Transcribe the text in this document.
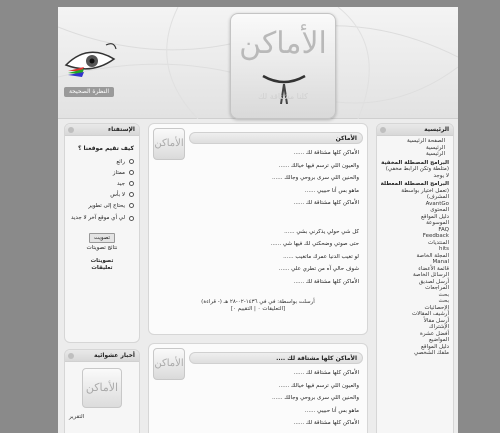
النظرة الصحيحة
الأماكن
كلنا مشتاقة لك
الإستفتاء
كيف تقيم موقعنا ؟
رائع
ممتاز
جيد
لا بأس
يحتاج إلى تطوير
لي أي موقع آخر لا جديد
تصويت
نتائج تصويتات
تصويتات
تعليقات
أخبار عشوائية
الأماكن
التقرير
الأماكن	الأماكن

الأماكن كلها مشتاقة لك ......

والعيون اللي ترسم فيها خيالك ......

والحنين اللي سرى بروحي وجالك ......

ماهو بس أنا حبيبي ......

الأماكن كلها مشتاقة لك ......

كل شي حولي يذكرني بشي ......

حتى صوتي وضحكتي لك فيها شي ......

لو تغيب الدنيا عمرك ماتغيب ......

شوف حالي آه من تطري علي ......

الأماكن كلها مشتاقة لك ......

أرسلت بواسطة: في في ١٤٣٦-٠٢-٢٨ هـ (- قراءة)
[التعليقات ٠ | التقييم ٠]
الأماكن	الأماكن كلها مشتاقة لك ....

الأماكن كلها مشتاقة لك ......

والعيون اللي ترسم فيها خيالك ......

والحنين اللي سرى بروحي وجالك ......

ماهو بس أنا حبيبي ......

الأماكن كلها مشتاقة لك ......

الرئيسية
الصفحة الرئيسية
الرئيسية
الرئيسية
البرامج المصطلة المخفية
(متلطة وتكن الرابط مخفي)
لا يوجد
البرامج المصطلة المعطلة
(تعمل اختيار بواسطة المشرف)
AvantGo
المحتوى
دليل المواقع
الموسوعة
FAQ
Feedback
المنتديات
hits
المجلة الخاصة
Manal
قائمة الأعضاء
الرسائل الخاصة
أرسل لصديق
المراجعات
بحث
بحث
الإحصائيات
أرشيف المقالات
أرسل مقالاً
الإشتراك
أفضل عشرة
المواضيع
دليل المواقع
ملفك الشخصي
